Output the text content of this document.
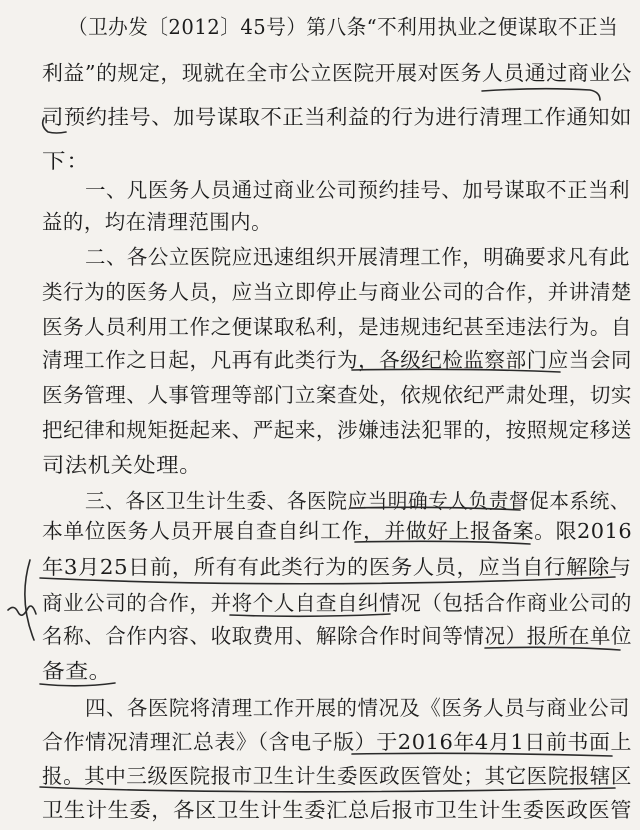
（卫办发〔2012〕45号）第八条“不利用执业之便谋取不正当
利益”的规定，现就在全市公立医院开展对医务人员通过商业公
司预约挂号、加号谋取不正当利益的行为进行清理工作通知如
下：
一、凡医务人员通过商业公司预约挂号、加号谋取不正当利
益的，均在清理范围内。
二、各公立医院应迅速组织开展清理工作，明确要求凡有此
类行为的医务人员，应当立即停止与商业公司的合作，并讲清楚
医务人员利用工作之便谋取私利，是违规违纪甚至违法行为。自
清理工作之日起，凡再有此类行为，各级纪检监察部门应当会同
医务管理、人事管理等部门立案查处，依规依纪严肃处理，切实
把纪律和规矩挺起来、严起来，涉嫌违法犯罪的，按照规定移送
司法机关处理。
三、各区卫生计生委、各医院应当明确专人负责督促本系统、
本单位医务人员开展自查自纠工作，并做好上报备案。限2016
年3月25日前，所有有此类行为的医务人员，应当自行解除与
商业公司的合作，并将个人自查自纠情况（包括合作商业公司的
名称、合作内容、收取费用、解除合作时间等情况）报所在单位
备查。
四、各医院将清理工作开展的情况及《医务人员与商业公司
合作情况清理汇总表》（含电子版）于2016年4月1日前书面上
报。其中三级医院报市卫生计生委医政医管处；其它医院报辖区
卫生计生委，各区卫生计生委汇总后报市卫生计生委医政医管
